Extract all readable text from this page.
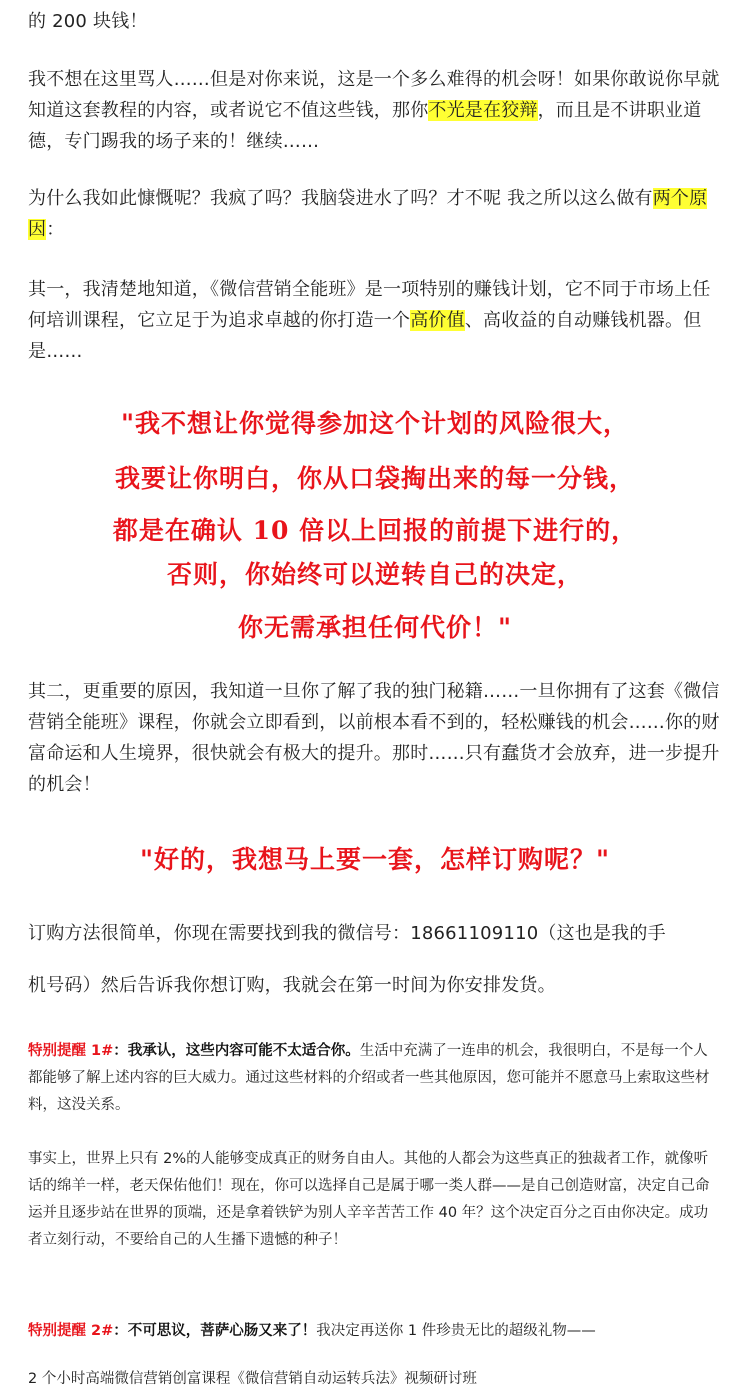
的 200 块钱！

我不想在这里骂人……但是对你来说，这是一个多么难得的机会呀！如果你敢说你早就知道这套教程的内容，或者说它不值这些钱，那你不光是在狡辩，而且是不讲职业道德，专门踢我的场子来的！继续……

为什么我如此慷慨呢？我疯了吗？我脑袋进水了吗？才不呢 我之所以这么做有两个原因：

其一，我清楚地知道，《微信营销全能班》是一项特别的赚钱计划，它不同于市场上任何培训课程，它立足于为追求卓越的你打造一个高价值、高收益的自动赚钱机器。但是……

"我不想让你觉得参加这个计划的风险很大，

我要让你明白，你从口袋掏出来的每一分钱，

都是在确认 10 倍以上回报的前提下进行的，

否则，你始终可以逆转自己的决定，

你无需承担任何代价！"

其二，更重要的原因，我知道一旦你了解了我的独门秘籍……一旦你拥有了这套《微信营销全能班》课程，你就会立即看到，以前根本看不到的，轻松赚钱的机会……你的财富命运和人生境界，很快就会有极大的提升。那时……只有蠢货才会放弃，进一步提升的机会！

"好的，我想马上要一套，怎样订购呢？"

订购方法很简单，你现在需要找到我的微信号：18661109110（这也是我的手

机号码）然后告诉我你想订购，我就会在第一时间为你安排发货。

特别提醒 1#：我承认，这些内容可能不太适合你。生活中充满了一连串的机会，我很明白，不是每一个人都能够了解上述内容的巨大威力。通过这些材料的介绍或者一些其他原因，您可能并不愿意马上索取这些材料，这没关系。

事实上，世界上只有 2%的人能够变成真正的财务自由人。其他的人都会为这些真正的独裁者工作，就像听话的绵羊一样，老天保佑他们！现在，你可以选择自己是属于哪一类人群——是自己创造财富，决定自己命运并且逐步站在世界的顶端，还是拿着铁铲为别人辛辛苦苦工作 40 年？这个决定百分之百由你决定。成功者立刻行动，不要给自己的人生播下遗憾的种子！

特别提醒 2#：不可思议，菩萨心肠又来了！我决定再送你 1 件珍贵无比的超级礼物——

2 个小时高端微信营销创富课程《微信营销自动运转兵法》视频研讨班
